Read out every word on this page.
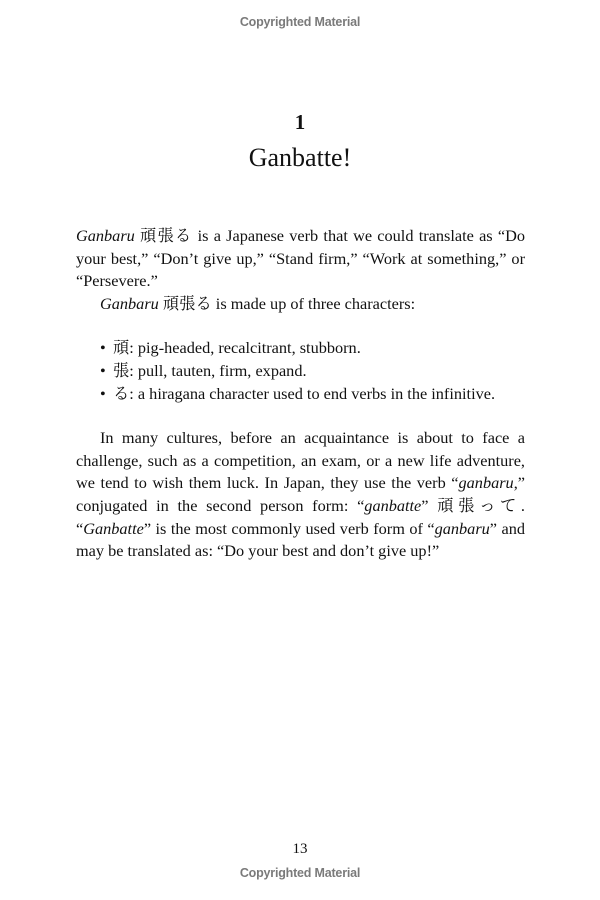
Copyrighted Material
1
Ganbatte!

Ganbaru 頑張る is a Japanese verb that we could translate as “Do your best,” “Don’t give up,” “Stand firm,” “Work at something,” or “Persevere.”

Ganbaru 頑張る is made up of three characters:

• 頑: pig-headed, recalcitrant, stubborn.
• 張: pull, tauten, firm, expand.
• る: a hiragana character used to end verbs in the infinitive.

In many cultures, before an acquaintance is about to face a challenge, such as a competition, an exam, or a new life adventure, we tend to wish them luck. In Japan, they use the verb “ganbaru,” conjugated in the second person form: “ganbatte” 頑張って. “Ganbatte” is the most commonly used verb form of “ganbaru” and may be translated as: “Do your best and don’t give up!”

13
Copyrighted Material
